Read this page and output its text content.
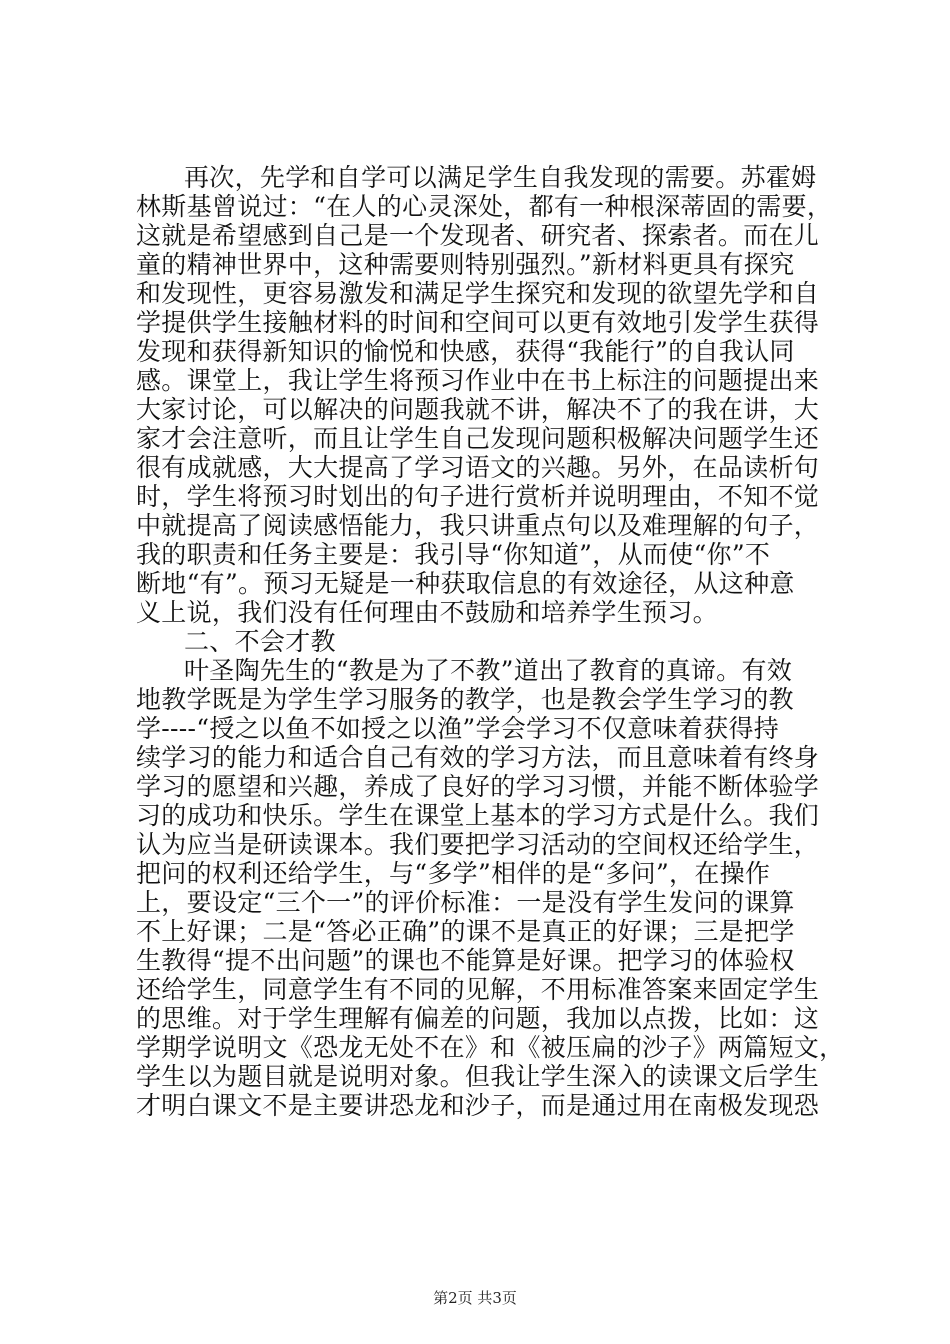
再次，先学和自学可以满足学生自我发现的需要。苏霍姆
林斯基曾说过：“在人的心灵深处，都有一种根深蒂固的需要，
这就是希望感到自己是一个发现者、研究者、探索者。而在儿
童的精神世界中，这种需要则特别强烈。”新材料更具有探究
和发现性，更容易激发和满足学生探究和发现的欲望先学和自
学提供学生接触材料的时间和空间可以更有效地引发学生获得
发现和获得新知识的愉悦和快感，获得“我能行”的自我认同
感。课堂上，我让学生将预习作业中在书上标注的问题提出来
大家讨论，可以解决的问题我就不讲，解决不了的我在讲，大
家才会注意听，而且让学生自己发现问题积极解决问题学生还
很有成就感，大大提高了学习语文的兴趣。另外，在品读析句
时，学生将预习时划出的句子进行赏析并说明理由，不知不觉
中就提高了阅读感悟能力，我只讲重点句以及难理解的句子，
我的职责和任务主要是：我引导“你知道”，从而使“你”不
断地“有”。预习无疑是一种获取信息的有效途径，从这种意
义上说，我们没有任何理由不鼓励和培养学生预习。
二、不会才教
叶圣陶先生的“教是为了不教”道出了教育的真谛。有效
地教学既是为学生学习服务的教学，也是教会学生学习的教
学----“授之以鱼不如授之以渔”学会学习不仅意味着获得持
续学习的能力和适合自己有效的学习方法，而且意味着有终身
学习的愿望和兴趣，养成了良好的学习习惯，并能不断体验学
习的成功和快乐。学生在课堂上基本的学习方式是什么。我们
认为应当是研读课本。我们要把学习活动的空间权还给学生，
把问的权利还给学生，与“多学”相伴的是“多问”，在操作
上，要设定“三个一”的评价标准：一是没有学生发问的课算
不上好课；二是“答必正确”的课不是真正的好课；三是把学
生教得“提不出问题”的课也不能算是好课。把学习的体验权
还给学生，同意学生有不同的见解，不用标准答案来固定学生
的思维。对于学生理解有偏差的问题，我加以点拨，比如：这
学期学说明文《恐龙无处不在》和《被压扁的沙子》两篇短文，
学生以为题目就是说明对象。但我让学生深入的读课文后学生
才明白课文不是主要讲恐龙和沙子，而是通过用在南极发现恐
第2页 共3页
